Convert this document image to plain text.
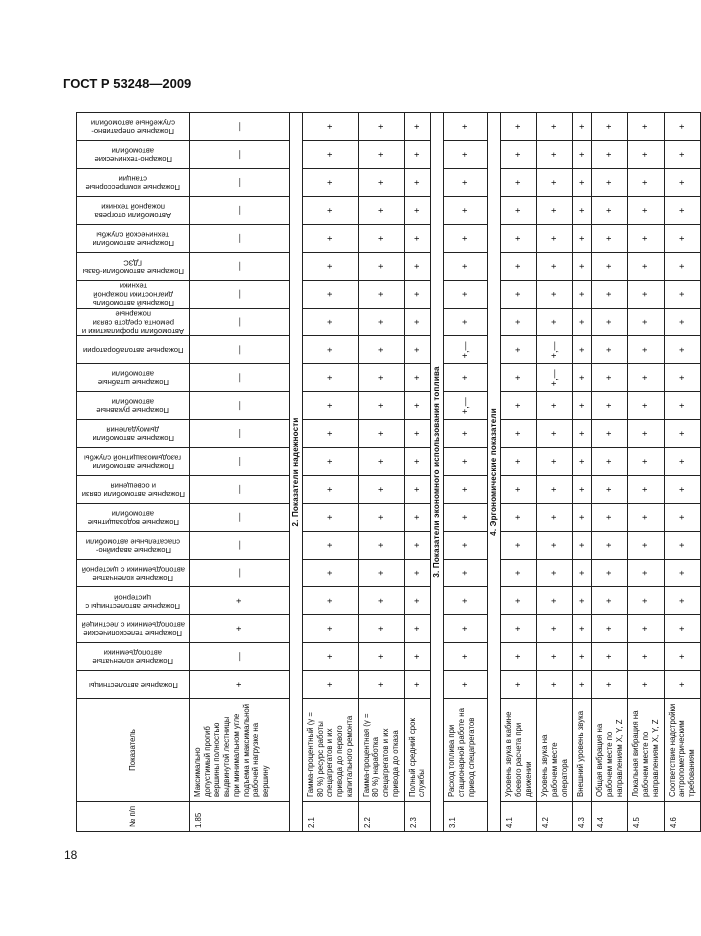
ГОСТ Р 53248—2009
№ п/п	Показатель	Пожарные автолестницы	Пожарные коленчатые автоподъемники	Пожарные телескопические автоподъемники с лестницей	Пожарные автолестницы с цистерной	Пожарные коленчатые автоподъемники с цистерной	Пожарные аварийно-спасательные автомобили	Пожарные водозащитные автомобили	Пожарные автомобили связи и освещения	Пожарные автомобили газодымозащитной службы	Пожарные автомобили дымоудаления	Пожарные рукавные автомобили	Пожарные штабные автомобили	Пожарные автолаборатории	Автомобили профилактики и ремонта средств связи пожарные	Пожарный автомобиль диагностики пожарной техники	Пожарные автомобили-базы ГДЗС	Пожарные автомобили технической службы	Автомобили отогрева пожарной техники	Пожарные компрессорные станции	Пожарно-технические автомобили	Пожарные оперативно-служебные автомобили

1.85	Максимально допустимый прогиб вершины полностью выдвинутой лестницы при минимальном угле подъема и максимальной рабочей нагрузке на вершину	+	—	+	+	—	—	—	—	—	—	—	—	—	—	—	—	—	—	—	—	—
2. Показатели надежности																						
2.1	Гамма-процентный (γ = 80 %) ресурс работы спецагрегатов и их привода до первого капитального ремонта	+	+	+	+	+	+	+	+	+	+	+	+	+	+	+	+	+	+	+	+	+
2.2	Гамма-процентная (γ = 80 %) наработка спецагрегатов и их привода до отказа	+	+	+	+	+	+	+	+	+	+	+	+	+	+	+	+	+	+	+	+	+
2.3	Полный средний срок службы	+	+	+	+	+	+	+	+	+	+	+	+	+	+	+	+	+	+	+	+	+
3. Показатели экономного использования топлива																						
3.1	Расход топлива при стационарной работе на привод спецагрегатов	+	+	+	+	+	+	+	+	+	+	+,—	+	+,—	+	+	+	+	+	+	+	+
4. Эргономические показатели																						
4.1	Уровень звука в кабине боевого расчета при движении	+	+	+	+	+	+	+	+	+	+	+	+	+	+	+	+	+	+	+	+	+
4.2	Уровень звука на рабочем месте оператора	+	+	+	+	+	+	+	+	+	+	+	+,—	+,—	+	+	+	+	+	+	+	+
4.3	Внешний уровень звука	+	+	+	+	+	+	+	+	+	+	+	+	+	+	+	+	+	+	+	+	+
4.4	Общая вибрация на рабочем месте по направлениям X, Y, Z	+	+	+	+	+	+	+	+	+	+	+	+	+	+	+	+	+	+	+	+	+
4.5	Локальная вибрация на рабочем месте по направлениям X, Y, Z	+	+	+	+	+	+	+	+	+	+	+	+	+	+	+	+	+	+	+	+	+
4.6	Соответствие надстройки антропометрическим требованиям	+	+	+	+	+	+	+	+	+	+	+	+	+	+	+	+	+	+	+	+	+
18
